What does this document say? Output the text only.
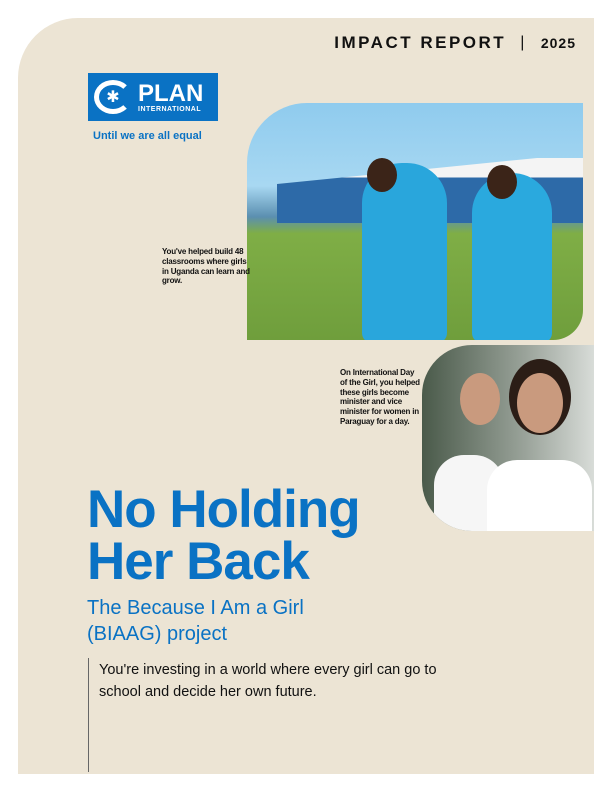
IMPACT REPORT | 2025
✱ PLAN
INTERNATIONAL
Until we are all equal
You've helped build 48 classrooms where girls in Uganda can learn and grow.
On International Day of the Girl, you helped these girls become minister and vice minister for women in Paraguay for a day.
No Holding
Her Back
The Because I Am a Girl
(BIAAG) project
You're investing in a world where every girl can go to school and decide her own future.
